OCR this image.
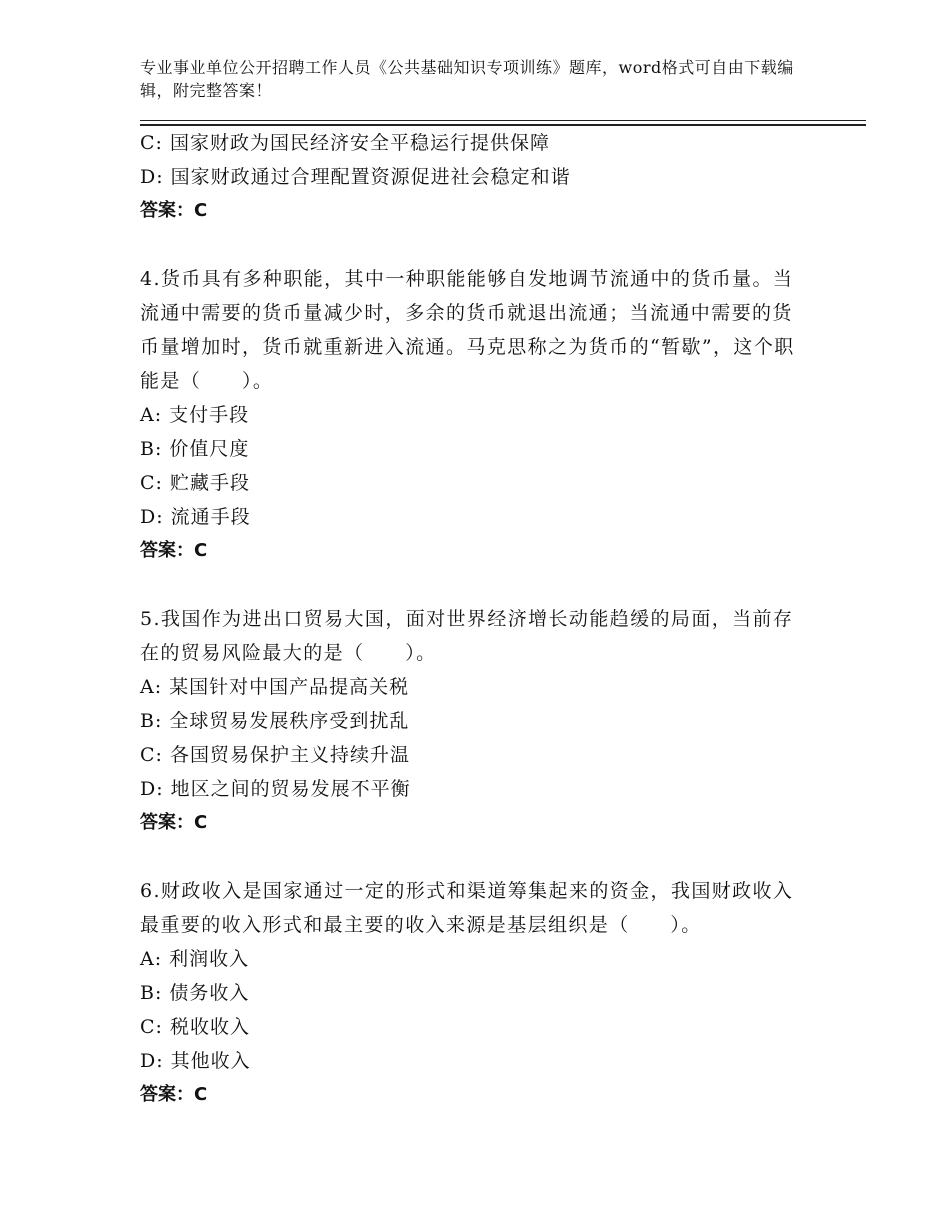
专业事业单位公开招聘工作人员《公共基础知识专项训练》题库，word格式可自由下载编辑，附完整答案！
C: 国家财政为国民经济安全平稳运行提供保障
D: 国家财政通过合理配置资源促进社会稳定和谐
答案：C
4.货币具有多种职能，其中一种职能能够自发地调节流通中的货币量。当流通中需要的货币量减少时，多余的货币就退出流通；当流通中需要的货币量增加时，货币就重新进入流通。马克思称之为货币的“暂歇”，这个职能是（　　）。
A: 支付手段
B: 价值尺度
C: 贮藏手段
D: 流通手段
答案：C
5.我国作为进出口贸易大国，面对世界经济增长动能趋缓的局面，当前存在的贸易风险最大的是（　　）。
A: 某国针对中国产品提高关税
B: 全球贸易发展秩序受到扰乱
C: 各国贸易保护主义持续升温
D: 地区之间的贸易发展不平衡
答案：C
6.财政收入是国家通过一定的形式和渠道筹集起来的资金，我国财政收入最重要的收入形式和最主要的收入来源是基层组织是（　　）。
A: 利润收入
B: 债务收入
C: 税收收入
D: 其他收入
答案：C
